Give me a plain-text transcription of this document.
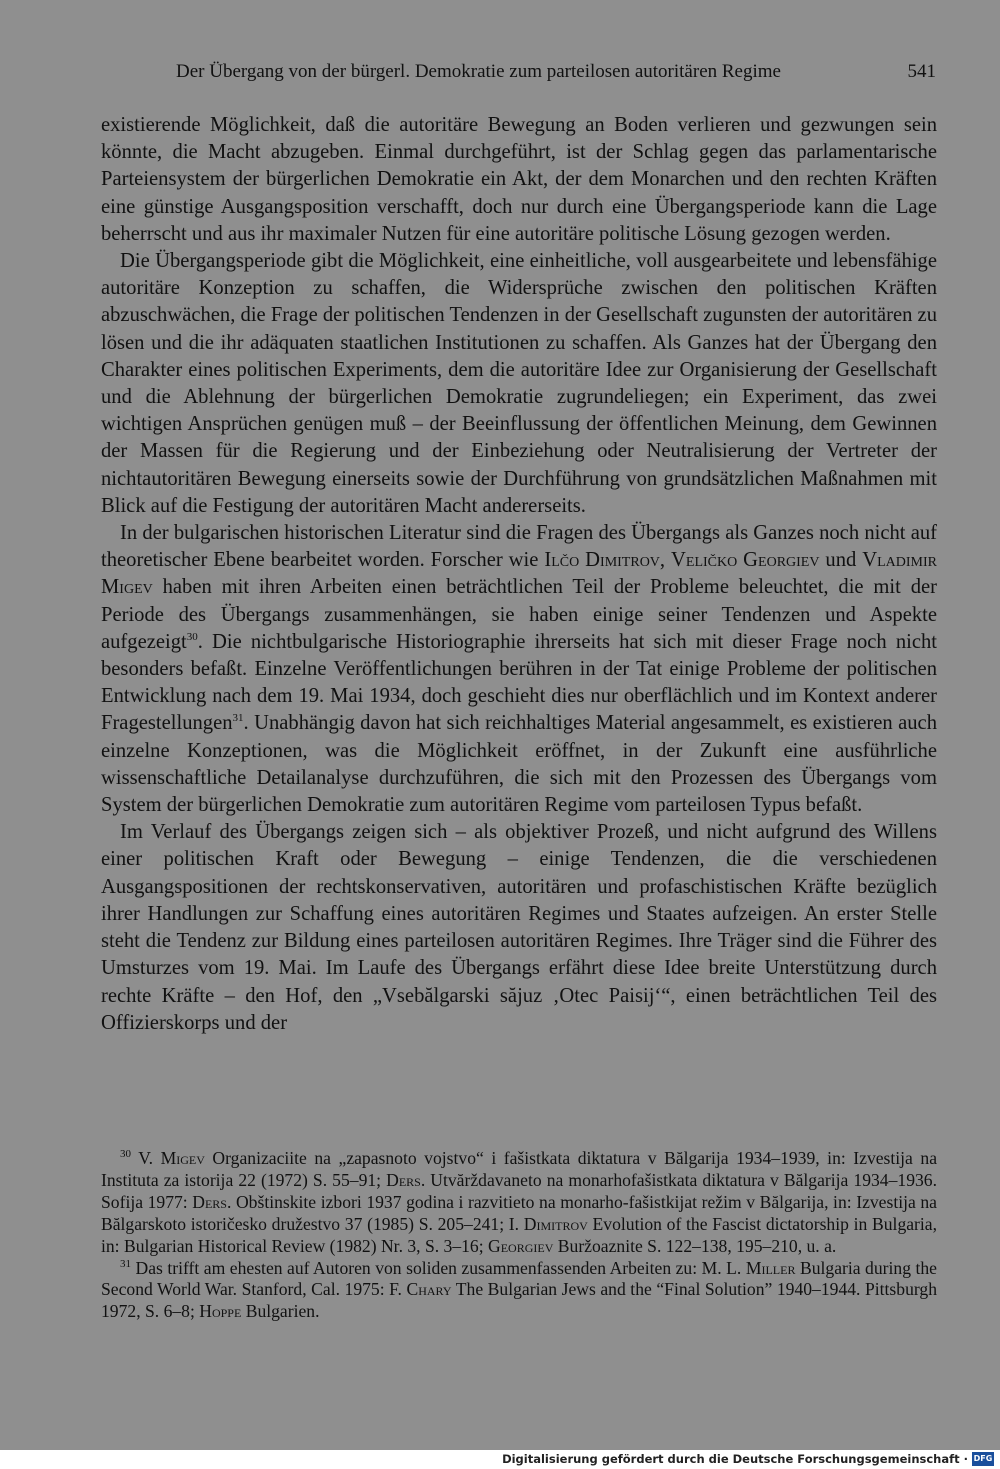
Der Übergang von der bürgerl. Demokratie zum parteilosen autoritären Regime	541

existierende Möglichkeit, daß die autoritäre Bewegung an Boden verlieren und gezwungen sein könnte, die Macht abzugeben. Einmal durchgeführt, ist der Schlag gegen das parlamentarische Parteiensystem der bürgerlichen Demokratie ein Akt, der dem Monarchen und den rechten Kräften eine günstige Ausgangsposition verschafft, doch nur durch eine Übergangsperiode kann die Lage beherrscht und aus ihr maximaler Nutzen für eine autoritäre politische Lösung gezogen werden.

Die Übergangsperiode gibt die Möglichkeit, eine einheitliche, voll ausgearbeitete und lebensfähige autoritäre Konzeption zu schaffen, die Widersprüche zwischen den politischen Kräften abzuschwächen, die Frage der politischen Tendenzen in der Gesellschaft zugunsten der autoritären zu lösen und die ihr adäquaten staatlichen Institutionen zu schaffen. Als Ganzes hat der Übergang den Charakter eines politischen Experiments, dem die autoritäre Idee zur Organisierung der Gesellschaft und die Ablehnung der bürgerlichen Demokratie zugrundeliegen; ein Experiment, das zwei wichtigen Ansprüchen genügen muß – der Beeinflussung der öffentlichen Meinung, dem Gewinnen der Massen für die Regierung und der Einbeziehung oder Neutralisierung der Vertreter der nichtautoritären Bewegung einerseits sowie der Durchführung von grundsätzlichen Maßnahmen mit Blick auf die Festigung der autoritären Macht andererseits.

In der bulgarischen historischen Literatur sind die Fragen des Übergangs als Ganzes noch nicht auf theoretischer Ebene bearbeitet worden. Forscher wie Ilčo Dimitrov, Veličko Georgiev und Vladimir Migev haben mit ihren Arbeiten einen beträchtlichen Teil der Probleme beleuchtet, die mit der Periode des Übergangs zusammenhängen, sie haben einige seiner Tendenzen und Aspekte aufgezeigt$^{30}$. Die nichtbulgarische Historiographie ihrerseits hat sich mit dieser Frage noch nicht besonders befaßt. Einzelne Veröffentlichungen berühren in der Tat einige Probleme der politischen Entwicklung nach dem 19. Mai 1934, doch geschieht dies nur oberflächlich und im Kontext anderer Fragestellungen$^{31}$. Unabhängig davon hat sich reichhaltiges Material angesammelt, es existieren auch einzelne Konzeptionen, was die Möglichkeit eröffnet, in der Zukunft eine ausführliche wissenschaftliche Detailanalyse durchzuführen, die sich mit den Prozessen des Übergangs vom System der bürgerlichen Demokratie zum autoritären Regime vom parteilosen Typus befaßt.

Im Verlauf des Übergangs zeigen sich – als objektiver Prozeß, und nicht aufgrund des Willens einer politischen Kraft oder Bewegung – einige Tendenzen, die die verschiedenen Ausgangspositionen der rechtskonservativen, autoritären und profaschistischen Kräfte bezüglich ihrer Handlungen zur Schaffung eines autoritären Regimes und Staates aufzeigen. An erster Stelle steht die Tendenz zur Bildung eines parteilosen autoritären Regimes. Ihre Träger sind die Führer des Umsturzes vom 19. Mai. Im Laufe des Übergangs erfährt diese Idee breite Unterstützung durch rechte Kräfte – den Hof, den „Vsebălgarski săjuz ‚Otec Paisij‘“, einen beträchtlichen Teil des Offizierskorps und der

$^{30}$ V. Migev Organizaciite na „zapasnoto vojstvo“ i fašistkata diktatura v Bălgarija 1934–1939, in: Izvestija na Instituta za istorija 22 (1972) S. 55–91; Ders. Utvărždavaneto na monarhofašistkata diktatura v Bălgarija 1934–1936. Sofija 1977: Ders. Obštinskite izbori 1937 godina i razvitieto na monarho-fašistkijat režim v Bălgarija, in: Izvestija na Bălgarskoto istoričesko družestvo 37 (1985) S. 205–241; I. Dimitrov Evolution of the Fascist dictatorship in Bulgaria, in: Bulgarian Historical Review (1982) Nr. 3, S. 3–16; Georgiev Buržoaznite S. 122–138, 195–210, u. a.

$^{31}$ Das trifft am ehesten auf Autoren von soliden zusammenfassenden Arbeiten zu: M. L. Miller Bulgaria during the Second World War. Stanford, Cal. 1975: F. Chary The Bulgarian Jews and the “Final Solution” 1940–1944. Pittsburgh 1972, S. 6–8; Hoppe Bulgarien.

Digitalisierung gefördert durch die Deutsche Forschungsgemeinschaft · DFG
